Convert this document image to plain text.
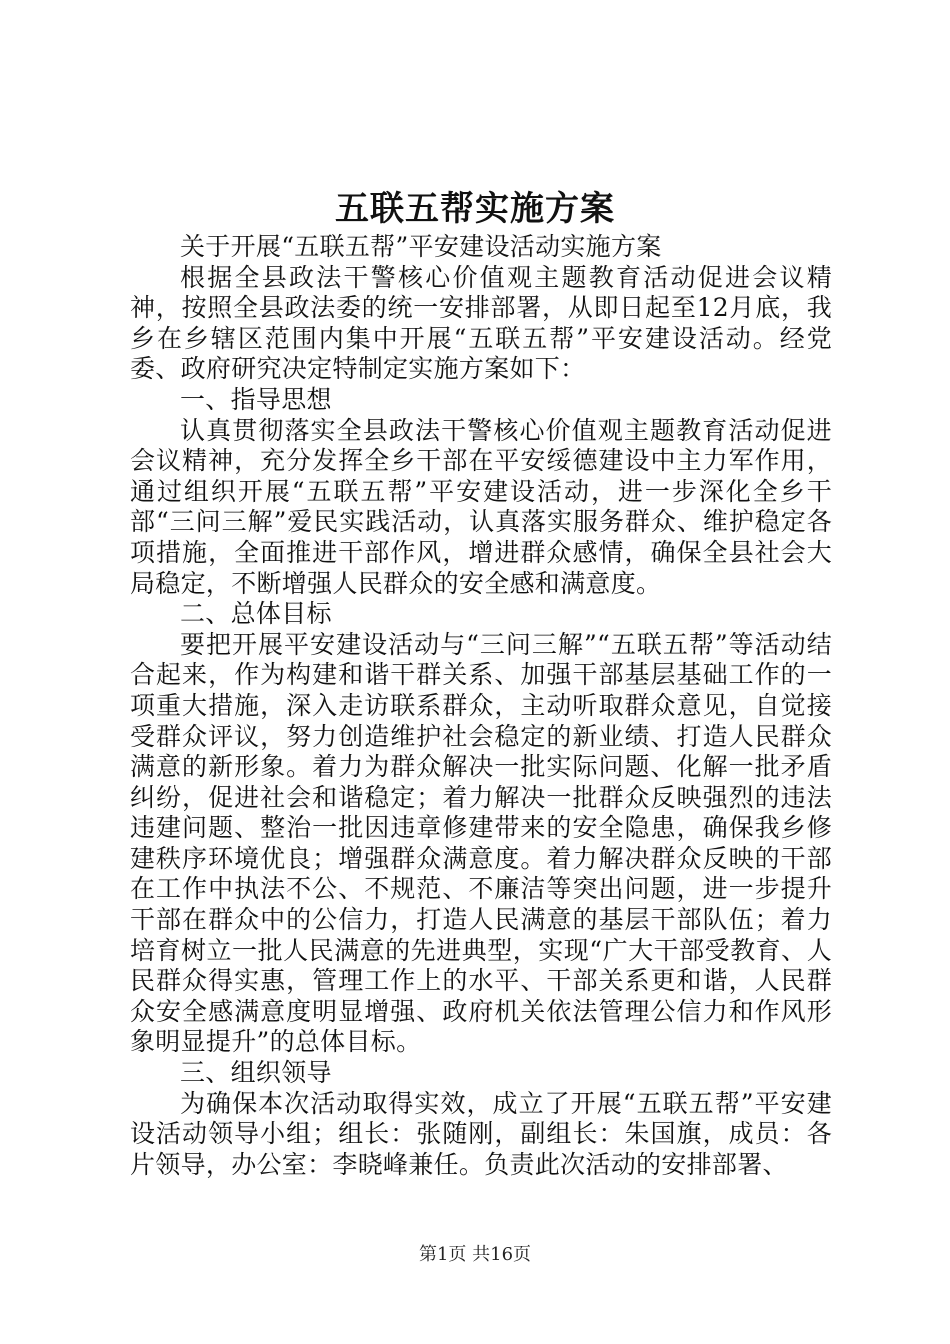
五联五帮实施方案

关于开展“五联五帮”平安建设活动实施方案

根据全县政法干警核心价值观主题教育活动促进会议精神，按照全县政法委的统一安排部署，从即日起至12月底，我乡在乡辖区范围内集中开展“五联五帮”平安建设活动。经党委、政府研究决定特制定实施方案如下：

一、指导思想

认真贯彻落实全县政法干警核心价值观主题教育活动促进会议精神，充分发挥全乡干部在平安绥德建设中主力军作用，通过组织开展“五联五帮”平安建设活动，进一步深化全乡干部“三问三解”爱民实践活动，认真落实服务群众、维护稳定各项措施，全面推进干部作风，增进群众感情，确保全县社会大局稳定，不断增强人民群众的安全感和满意度。

二、总体目标

要把开展平安建设活动与“三问三解”“五联五帮”等活动结合起来，作为构建和谐干群关系、加强干部基层基础工作的一项重大措施，深入走访联系群众，主动听取群众意见，自觉接受群众评议，努力创造维护社会稳定的新业绩、打造人民群众满意的新形象。着力为群众解决一批实际问题、化解一批矛盾纠纷，促进社会和谐稳定；着力解决一批群众反映强烈的违法违建问题、整治一批因违章修建带来的安全隐患，确保我乡修建秩序环境优良；增强群众满意度。着力解决群众反映的干部在工作中执法不公、不规范、不廉洁等突出问题，进一步提升干部在群众中的公信力，打造人民满意的基层干部队伍；着力培育树立一批人民满意的先进典型，实现“广大干部受教育、人民群众得实惠，管理工作上的水平、干部关系更和谐，人民群众安全感满意度明显增强、政府机关依法管理公信力和作风形象明显提升”的总体目标。

三、组织领导

为确保本次活动取得实效，成立了开展“五联五帮”平安建设活动领导小组；组长：张随刚，副组长：朱国旗，成员：各片领导，办公室：李晓峰兼任。负责此次活动的安排部署、

第1页 共16页
